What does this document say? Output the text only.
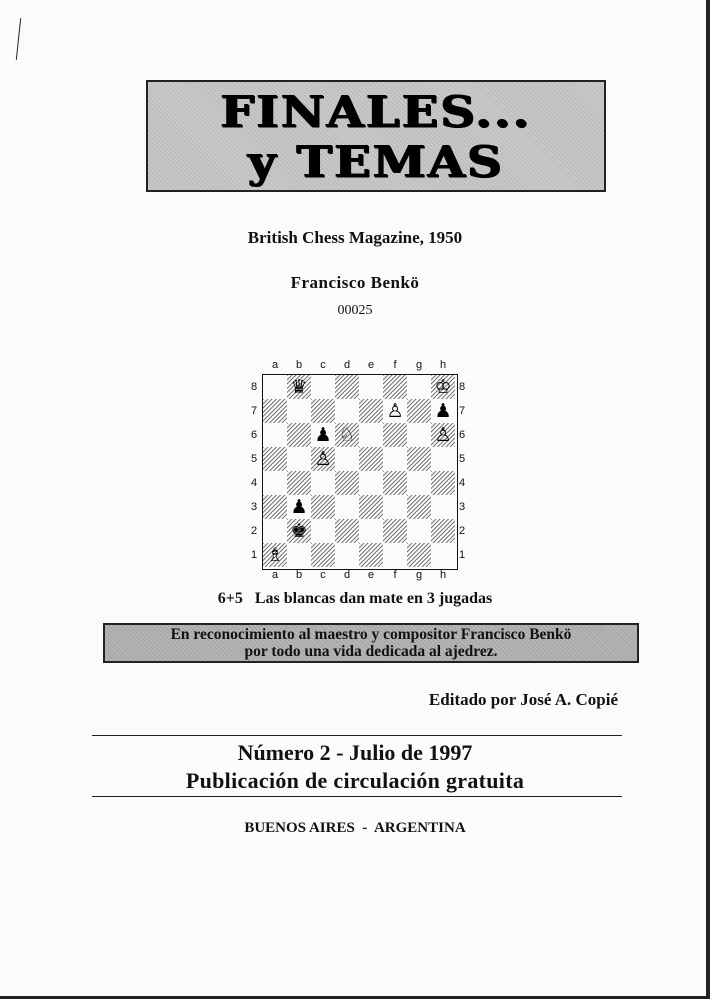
FINALES...
y TEMAS
British Chess Magazine, 1950
Francisco Benkö
00025
a
a
b
b
c
c
d
d
e
e
f
f
g
g
h
h
8	8
7	7
6	6
5	5
4	4
3	3
2	2
1	1
♛	♔
♙ ♟
♟ ♘	♙
♙
♟
♚
♗
6+5   Las blancas dan mate en 3 jugadas
En reconocimiento al maestro y compositor Francisco Benkö
por todo una vida dedicada al ajedrez.
Editado por José A. Copié
Número 2 - Julio de 1997
Publicación de circulación gratuita
BUENOS AIRES  -  ARGENTINA
